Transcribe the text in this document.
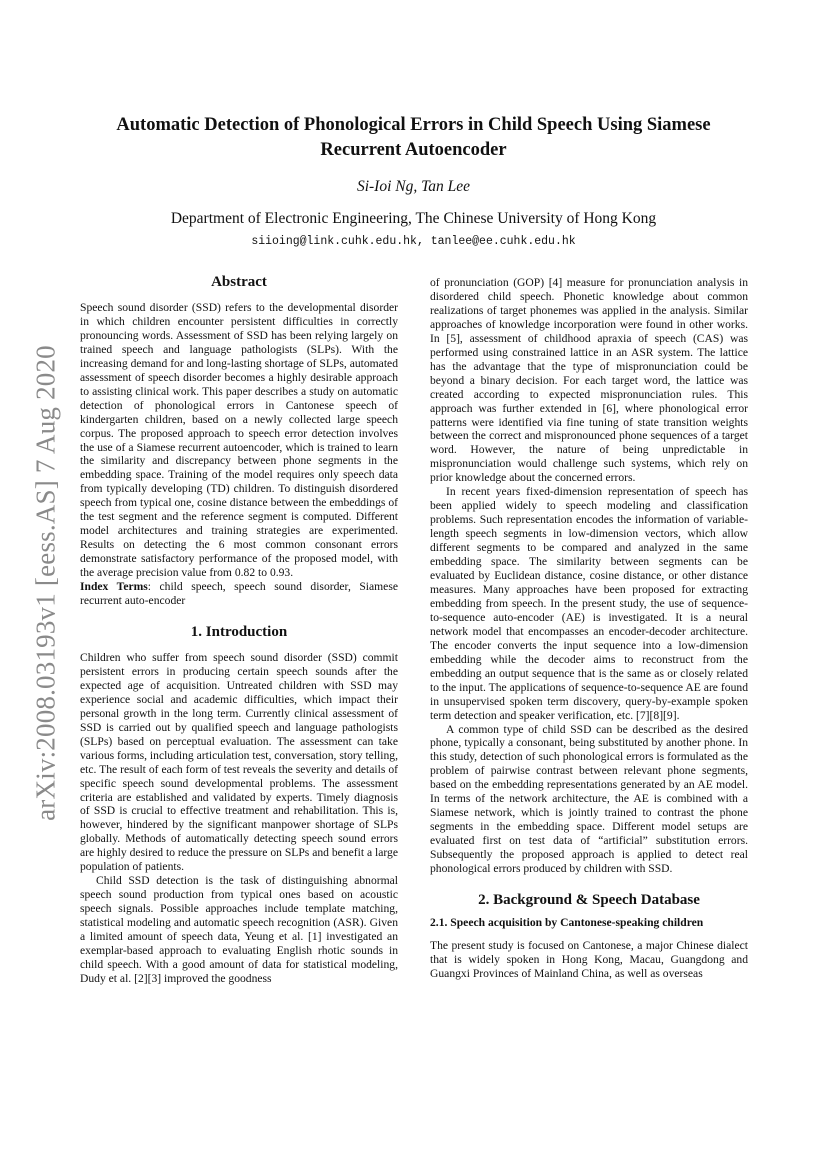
arXiv:2008.03193v1 [eess.AS] 7 Aug 2020
Automatic Detection of Phonological Errors in Child Speech Using Siamese Recurrent Autoencoder

Si-Ioi Ng, Tan Lee

Department of Electronic Engineering, The Chinese University of Hong Kong

siioing@link.cuhk.edu.hk, tanlee@ee.cuhk.edu.hk

Abstract

Speech sound disorder (SSD) refers to the developmental disorder in which children encounter persistent difficulties in correctly pronouncing words. Assessment of SSD has been relying largely on trained speech and language pathologists (SLPs). With the increasing demand for and long-lasting shortage of SLPs, automated assessment of speech disorder becomes a highly desirable approach to assisting clinical work. This paper describes a study on automatic detection of phonological errors in Cantonese speech of kindergarten children, based on a newly collected large speech corpus. The proposed approach to speech error detection involves the use of a Siamese recurrent autoencoder, which is trained to learn the similarity and discrepancy between phone segments in the embedding space. Training of the model requires only speech data from typically developing (TD) children. To distinguish disordered speech from typical one, cosine distance between the embeddings of the test segment and the reference segment is computed. Different model architectures and training strategies are experimented. Results on detecting the 6 most common consonant errors demonstrate satisfactory performance of the proposed model, with the average precision value from 0.82 to 0.93.

Index Terms: child speech, speech sound disorder, Siamese recurrent auto-encoder

1. Introduction

Children who suffer from speech sound disorder (SSD) commit persistent errors in producing certain speech sounds after the expected age of acquisition. Untreated children with SSD may experience social and academic difficulties, which impact their personal growth in the long term. Currently clinical assessment of SSD is carried out by qualified speech and language pathologists (SLPs) based on perceptual evaluation. The assessment can take various forms, including articulation test, conversation, story telling, etc. The result of each form of test reveals the severity and details of specific speech sound developmental problems. The assessment criteria are established and validated by experts. Timely diagnosis of SSD is crucial to effective treatment and rehabilitation. This is, however, hindered by the significant manpower shortage of SLPs globally. Methods of automatically detecting speech sound errors are highly desired to reduce the pressure on SLPs and benefit a large population of patients.

Child SSD detection is the task of distinguishing abnormal speech sound production from typical ones based on acoustic speech signals. Possible approaches include template matching, statistical modeling and automatic speech recognition (ASR). Given a limited amount of speech data, Yeung et al. [1] investigated an exemplar-based approach to evaluating English rhotic sounds in child speech. With a good amount of data for statistical modeling, Dudy et al. [2][3] improved the goodness

of pronunciation (GOP) [4] measure for pronunciation analysis in disordered child speech. Phonetic knowledge about common realizations of target phonemes was applied in the analysis. Similar approaches of knowledge incorporation were found in other works. In [5], assessment of childhood apraxia of speech (CAS) was performed using constrained lattice in an ASR system. The lattice has the advantage that the type of mispronunciation could be beyond a binary decision. For each target word, the lattice was created according to expected mispronunciation rules. This approach was further extended in [6], where phonological error patterns were identified via fine tuning of state transition weights between the correct and mispronounced phone sequences of a target word. However, the nature of being unpredictable in mispronunciation would challenge such systems, which rely on prior knowledge about the concerned errors.

In recent years fixed-dimension representation of speech has been applied widely to speech modeling and classification problems. Such representation encodes the information of variable-length speech segments in low-dimension vectors, which allow different segments to be compared and analyzed in the same embedding space. The similarity between segments can be evaluated by Euclidean distance, cosine distance, or other distance measures. Many approaches have been proposed for extracting embedding from speech. In the present study, the use of sequence-to-sequence auto-encoder (AE) is investigated. It is a neural network model that encompasses an encoder-decoder architecture. The encoder converts the input sequence into a low-dimension embedding while the decoder aims to reconstruct from the embedding an output sequence that is the same as or closely related to the input. The applications of sequence-to-sequence AE are found in unsupervised spoken term discovery, query-by-example spoken term detection and speaker verification, etc. [7][8][9].

A common type of child SSD can be described as the desired phone, typically a consonant, being substituted by another phone. In this study, detection of such phonological errors is formulated as the problem of pairwise contrast between relevant phone segments, based on the embedding representations generated by an AE model. In terms of the network architecture, the AE is combined with a Siamese network, which is jointly trained to contrast the phone segments in the embedding space. Different model setups are evaluated first on test data of “artificial” substitution errors. Subsequently the proposed approach is applied to detect real phonological errors produced by children with SSD.

2. Background & Speech Database
2.1. Speech acquisition by Cantonese-speaking children

The present study is focused on Cantonese, a major Chinese dialect that is widely spoken in Hong Kong, Macau, Guangdong and Guangxi Provinces of Mainland China, as well as overseas
